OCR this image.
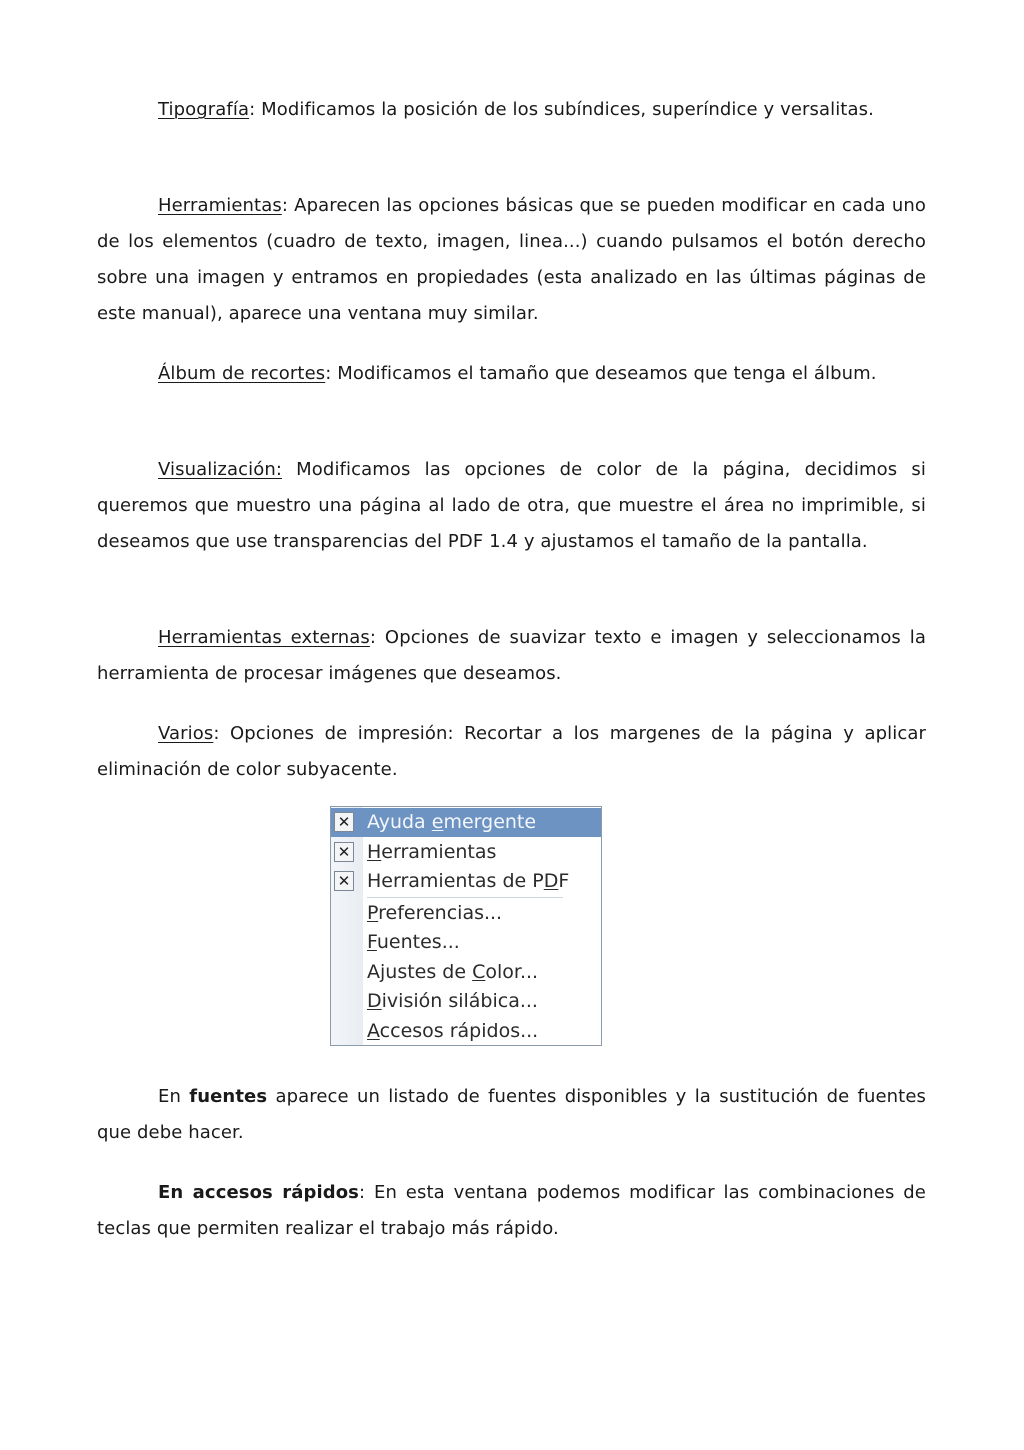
Tipografía: Modificamos la posición de los subíndices, superíndice y versalitas.

Herramientas: Aparecen las opciones básicas que se pueden modificar en cada uno de los elementos (cuadro de texto, imagen, linea...) cuando pulsamos el botón derecho sobre una imagen y entramos en propiedades (esta analizado en las últimas páginas de este manual), aparece una ventana muy similar.

Álbum de recortes: Modificamos el tamaño que deseamos que tenga el álbum.

Visualización: Modificamos las opciones de color de la página, decidimos si queremos que muestro una página al lado de otra, que muestre el área no imprimible, si deseamos que use transparencias del PDF 1.4 y ajustamos el tamaño de la pantalla.

Herramientas externas: Opciones de suavizar texto e imagen y seleccionamos la herramienta de procesar imágenes que deseamos.

Varios: Opciones de impresión: Recortar a los margenes de la página y aplicar eliminación de color subyacente.

✕ Ayuda emergente
✕ Herramientas
✕ Herramientas de PDF
Preferencias...
Fuentes...
Ajustes de Color...
División silábica...
Accesos rápidos...

En fuentes aparece un listado de fuentes disponibles y la sustitución de fuentes que debe hacer.

En accesos rápidos: En esta ventana podemos modificar las combinaciones de teclas que permiten realizar el trabajo más rápido.
